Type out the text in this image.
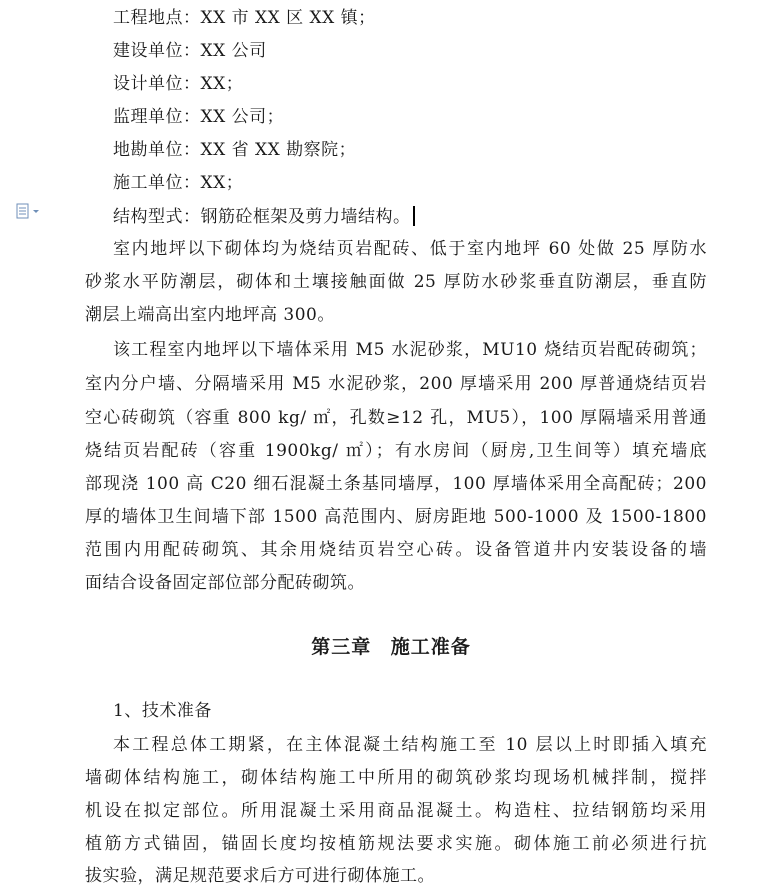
工程地点：XX 市 XX 区 XX 镇；
建设单位：XX 公司
设计单位：XX；
监理单位：XX 公司；
地勘单位：XX 省 XX 勘察院；
施工单位：XX；
结构型式：钢筋砼框架及剪力墙结构。
室内地坪以下砌体均为烧结页岩配砖、低于室内地坪 60 处做 25 厚防水
砂浆水平防潮层，砌体和土壤接触面做 25 厚防水砂浆垂直防潮层，垂直防
潮层上端高出室内地坪高 300。
该工程室内地坪以下墙体采用 M5 水泥砂浆，MU10 烧结页岩配砖砌筑；
室内分户墙、分隔墙采用 M5 水泥砂浆，200 厚墙采用 200 厚普通烧结页岩
空心砖砌筑（容重 800 kg/ ㎡，孔数≥12 孔，MU5），100 厚隔墙采用普通
烧结页岩配砖（容重 1900kg/ ㎡）；有水房间（厨房,卫生间等）填充墙底
部现浇 100 高 C20 细石混凝土条基同墙厚，100 厚墙体采用全高配砖；200
厚的墙体卫生间墙下部 1500 高范围内、厨房距地 500-1000 及 1500-1800
范围内用配砖砌筑、其余用烧结页岩空心砖。设备管道井内安装设备的墙
面结合设备固定部位部分配砖砌筑。
第三章 施工准备
1、技术准备
本工程总体工期紧，在主体混凝土结构施工至 10 层以上时即插入填充
墙砌体结构施工，砌体结构施工中所用的砌筑砂浆均现场机械拌制，搅拌
机设在拟定部位。所用混凝土采用商品混凝土。构造柱、拉结钢筋均采用
植筋方式锚固，锚固长度均按植筋规法要求实施。砌体施工前必须进行抗
拔实验，满足规范要求后方可进行砌体施工。
